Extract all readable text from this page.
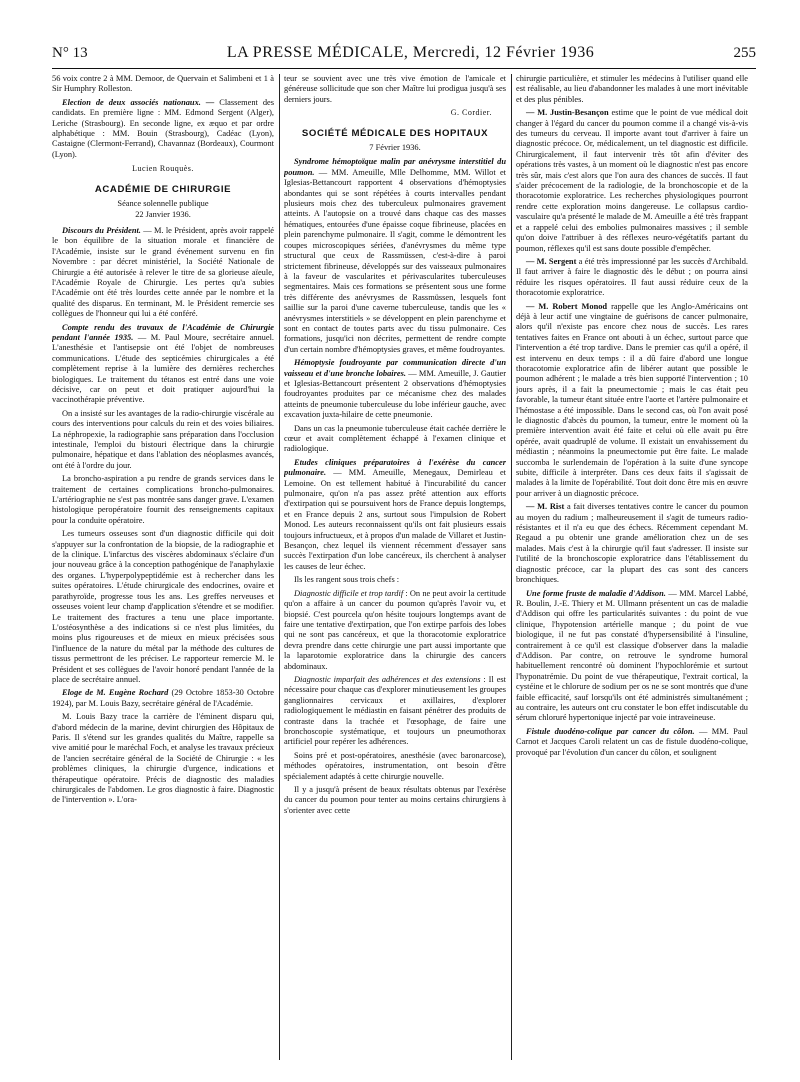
N° 13	LA PRESSE MÉDICALE, Mercredi, 12 Février 1936	255

56 voix contre 2 à MM. Demoor, de Quervain et Salimbeni et 1 à Sir Humphry Rolleston.

Election de deux associés nationaux. — Classement des candidats. En première ligne : MM. Edmond Sergent (Alger), Leriche (Strasbourg). En seconde ligne, ex æquo et par ordre alphabétique : MM. Bouin (Strasbourg), Cadéac (Lyon), Castaigne (Clermont-Ferrand), Chavannaz (Bordeaux), Courmont (Lyon).

Lucien Rouquès.
ACADÉMIE DE CHIRURGIE
Séance solennelle publique
22 Janvier 1936.

Discours du Président. — M. le Président, après avoir rappelé le bon équilibre de la situation morale et financière de l'Académie, insiste sur le grand événement survenu en fin Novembre : par décret ministériel, la Société Nationale de Chirurgie a été autorisée à relever le titre de sa glorieuse aïeule, l'Académie Royale de Chirurgie. Les pertes qu'a subies l'Académie ont été très lourdes cette année par le nombre et la qualité des disparus. En terminant, M. le Président remercie ses collègues de l'honneur qui lui a été conféré.

Compte rendu des travaux de l'Académie de Chirurgie pendant l'année 1935. — M. Paul Moure, secrétaire annuel. L'anesthésie et l'antisepsie ont été l'objet de nombreuses communications. L'étude des septicémies chirurgicales a été complètement reprise à la lumière des dernières recherches biologiques. Le traitement du tétanos est entré dans une voie décisive, car on peut et doit pratiquer aujourd'hui la vaccinothérapie préventive.

On a insisté sur les avantages de la radio-chirurgie viscérale au cours des interventions pour calculs du rein et des voies biliaires. La néphropexie, la radiographie sans préparation dans l'occlusion intestinale, l'emploi du bistouri électrique dans la chirurgie pulmonaire, hépatique et dans l'ablation des néoplasmes avancés, ont été à l'ordre du jour.

La broncho-aspiration a pu rendre de grands services dans le traitement de certaines complications broncho-pulmonaires. L'artériographie ne s'est pas montrée sans danger grave. L'examen histologique peropératoire fournit des renseignements capitaux pour la conduite opératoire.

Les tumeurs osseuses sont d'un diagnostic difficile qui doit s'appuyer sur la confrontation de la biopsie, de la radiographie et de la clinique. L'infarctus des viscères abdominaux s'éclaire d'un jour nouveau grâce à la conception pathogénique de l'anaphylaxie des organes. L'hyperpolypeptidémie est à rechercher dans les suites opératoires. L'étude chirurgicale des endocrines, ovaire et parathyroïde, progresse tous les ans. Les greffes nerveuses et osseuses voient leur champ d'application s'étendre et se modifier. Le traitement des fractures a tenu une place importante. L'ostéosynthèse a des indications si ce n'est plus limitées, du moins plus rigoureuses et de mieux en mieux précisées sous l'influence de la nature du métal par la méthode des cultures de tissus permettront de les préciser. Le rapporteur remercie M. le Président et ses collègues de l'avoir honoré pendant l'année de la place de secrétaire annuel.

Eloge de M. Eugène Rochard (29 Octobre 1853-30 Octobre 1924), par M. Louis Bazy, secrétaire général de l'Académie.

M. Louis Bazy trace la carrière de l'éminent disparu qui, d'abord médecin de la marine, devint chirurgien des Hôpitaux de Paris. Il s'étend sur les grandes qualités du Maître, rappelle sa vive amitié pour le maréchal Foch, et analyse les travaux précieux de l'ancien secrétaire général de la Société de Chirurgie : « les problèmes cliniques, la chirurgie d'urgence, indications et thérapeutique opératoire. Précis de diagnostic des maladies chirurgicales de l'abdomen. Le gros diagnostic à faire. Diagnostic de l'intervention ». L'ora-

teur se souvient avec une très vive émotion de l'amicale et généreuse sollicitude que son cher Maître lui prodigua jusqu'à ses derniers jours.

G. Cordier.
SOCIÉTÉ MÉDICALE DES HOPITAUX
7 Février 1936.

Syndrome hémoptoïque malin par anévrysme interstitiel du poumon. — MM. Ameuille, Mlle Delhomme, MM. Willot et Iglesias-Bettancourt rapportent 4 observations d'hémoptysies abondantes qui se sont répétées à courts intervalles pendant plusieurs mois chez des tuberculeux pulmonaires gravement atteints. A l'autopsie on a trouvé dans chaque cas des masses hématiques, entourées d'une épaisse coque fibrineuse, placées en plein parenchyme pulmonaire. Il s'agit, comme le démontrent les coupes microscopiques sériées, d'anévrysmes du même type structural que ceux de Rassmüssen, c'est-à-dire à paroi strictement fibrineuse, développés sur des vaisseaux pulmonaires à la faveur de vascularites et périvascularites tuberculeuses segmentaires. Mais ces formations se présentent sous une forme très différente des anévrysmes de Rassmüssen, lesquels font saillie sur la paroi d'une caverne tuberculeuse, tandis que les « anévrysmes interstitiels » se développent en plein parenchyme et sont en contact de toutes parts avec du tissu pulmonaire. Ces formations, jusqu'ici non décrites, permettent de rendre compte d'un certain nombre d'hémoptysies graves, et même foudroyantes.

Hémoptysie foudroyante par communication directe d'un vaisseau et d'une bronche lobaires. — MM. Ameuille, J. Gautier et Iglesias-Bettancourt présentent 2 observations d'hémoptysies foudroyantes produites par ce mécanisme chez des malades atteints de pneumonie tuberculeuse du lobe inférieur gauche, avec excavation juxta-hilaire de cette pneumonie.

Dans un cas la pneumonie tuberculeuse était cachée derrière le cœur et avait complètement échappé à l'examen clinique et radiologique.

Etudes cliniques préparatoires à l'exérèse du cancer pulmonaire. — MM. Ameuille, Menegaux, Demirleau et Lemoine. On est tellement habitué à l'incurabilité du cancer pulmonaire, qu'on n'a pas assez prêté attention aux efforts d'extirpation qui se poursuivent hors de France depuis longtemps, et en France depuis 2 ans, surtout sous l'impulsion de Robert Monod. Les auteurs reconnaissent qu'ils ont fait plusieurs essais toujours infructueux, et à propos d'un malade de Villaret et Justin-Besançon, chez lequel ils viennent récemment d'essayer sans succès l'extirpation d'un lobe cancéreux, ils cherchent à analyser les causes de leur échec.

Ils les rangent sous trois chefs :

Diagnostic difficile et trop tardif : On ne peut avoir la certitude qu'on a affaire à un cancer du poumon qu'après l'avoir vu, et biopsié. C'est pourcela qu'on hésite toujours longtemps avant de faire une tentative d'extirpation, que l'on extirpe parfois des lobes qui ne sont pas cancéreux, et que la thoracotomie exploratrice devra prendre dans cette chirurgie une part aussi importante que la laparotomie exploratrice dans la chirurgie des cancers abdominaux.

Diagnostic imparfait des adhérences et des extensions : Il est nécessaire pour chaque cas d'explorer minutieusement les groupes ganglionnaires cervicaux et axillaires, d'explorer radiologiquement le médiastin en faisant pénétrer des produits de contraste dans la trachée et l'œsophage, de faire une bronchoscopie systématique, et toujours un pneumothorax artificiel pour repérer les adhérences.

Soins pré et post-opératoires, anesthésie (avec baronarcose), méthodes opératoires, instrumentation, ont besoin d'être spécialement adaptés à cette chirurgie nouvelle.

Il y a jusqu'à présent de beaux résultats obtenus par l'exérèse du cancer du poumon pour tenter au moins certains chirurgiens à s'orienter avec cette

chirurgie particulière, et stimuler les médecins à l'utiliser quand elle est réalisable, au lieu d'abandonner les malades à une mort inévitable et des plus pénibles.

— M. Justin-Besançon estime que le point de vue médical doit changer à l'égard du cancer du poumon comme il a changé vis-à-vis des tumeurs du cerveau. Il importe avant tout d'arriver à faire un diagnostic précoce. Or, médicalement, un tel diagnostic est difficile. Chirurgicalement, il faut intervenir très tôt afin d'éviter des opérations très vastes, à un moment où le diagnostic n'est pas encore très sûr, mais c'est alors que l'on aura des chances de succès. Il faut s'aider précocement de la radiologie, de la bronchoscopie et de la thoracotomie exploratrice. Les recherches physiologiques pourront rendre cette exploration moins dangereuse. Le collapsus cardio-vasculaire qu'a présenté le malade de M. Ameuille a été très frappant et a rappelé celui des embolies pulmonaires massives ; il semble qu'on doive l'attribuer à des réflexes neuro-végétatifs partant du poumon, réflexes qu'il est sans doute possible d'empêcher.

— M. Sergent a été très impressionné par les succès d'Archibald. Il faut arriver à faire le diagnostic dès le début ; on pourra ainsi réduire les risques opératoires. Il faut aussi réduire ceux de la thoracotomie exploratrice.

— M. Robert Monod rappelle que les Anglo-Américains ont déjà à leur actif une vingtaine de guérisons de cancer pulmonaire, alors qu'il n'existe pas encore chez nous de succès. Les rares tentatives faites en France ont abouti à un échec, surtout parce que l'intervention a été trop tardive. Dans le premier cas qu'il a opéré, il est intervenu en deux temps : il a dû faire d'abord une longue thoracotomie exploratrice afin de libérer autant que possible le poumon adhérent ; le malade a très bien supporté l'intervention ; 10 jours après, il a fait la pneumectomie ; mais le cas était peu favorable, la tumeur étant située entre l'aorte et l'artère pulmonaire et l'hémostase a été impossible. Dans le second cas, où l'on avait posé le diagnostic d'abcès du poumon, la tumeur, entre le moment où la première intervention avait été faite et celui où elle avait pu être opérée, avait quadruplé de volume. Il existait un envahissement du médiastin ; néanmoins la pneumectomie put être faite. Le malade succomba le surlendemain de l'opération à la suite d'une syncope subite, difficile à interpréter. Dans ces deux faits il s'agissait de malades à la limite de l'opérabilité. Tout doit donc être mis en œuvre pour arriver à un diagnostic précoce.

— M. Rist a fait diverses tentatives contre le cancer du poumon au moyen du radium ; malheureusement il s'agit de tumeurs radio-résistantes et il n'a eu que des échecs. Récemment cependant M. Regaud a pu obtenir une grande amélioration chez un de ses malades. Mais c'est à la chirurgie qu'il faut s'adresser. Il insiste sur l'utilité de la bronchoscopie exploratrice dans l'établissement du diagnostic précoce, car la plupart des cas sont des cancers bronchiques.

Une forme fruste de maladie d'Addison. — MM. Marcel Labbé, R. Boulin, J.-E. Thiery et M. Ullmann présentent un cas de maladie d'Addison qui offre les particularités suivantes : du point de vue clinique, l'hypotension artérielle manque ; du point de vue biologique, il ne fut pas constaté d'hypersensibilité à l'insuline, contrairement à ce qu'il est classique d'observer dans la maladie d'Addison. Par contre, on retrouve le syndrome humoral habituellement rencontré où dominent l'hypochlorémie et surtout l'hyponatrémie. Du point de vue thérapeutique, l'extrait cortical, la cystéine et le chlorure de sodium per os ne se sont montrés que d'une faible efficacité, sauf lorsqu'ils ont été administrés simultanément ; au contraire, les auteurs ont cru constater le bon effet indiscutable du sérum chloruré hypertonique injecté par voie intraveineuse.

Fistule duodéno-colique par cancer du côlon. — MM. Paul Carnot et Jacques Caroli relatent un cas de fistule duodéno-colique, provoqué par l'évolution d'un cancer du côlon, et soulignent
